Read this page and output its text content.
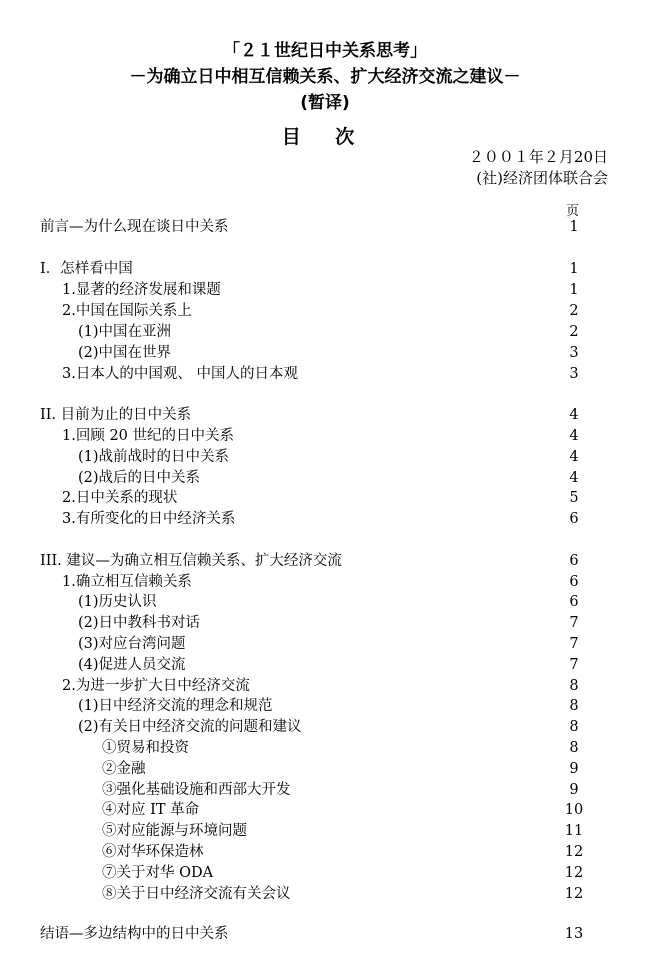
「２１世纪日中关系思考」
－为确立日中相互信赖关系、扩大经济交流之建议－
(暂译)
目 次
２００１年２月20日
(社)经济团体联合会
页
前言—为什么现在谈日中关系	1
Ⅰ．怎样看中国	1
1.显著的经济发展和课题	1
2.中国在国际关系上	2
(1)中国在亚洲	2
(2)中国在世界	3
3.日本人的中国观、 中国人的日本观	3
II. 目前为止的日中关系	4
1.回顾 20 世纪的日中关系	4
(1)战前战时的日中关系	4
(2)战后的日中关系	4
2.日中关系的现状	5
3.有所变化的日中经济关系	6
III. 建议—为确立相互信赖关系、扩大经济交流	6
1.确立相互信赖关系	6
(1)历史认识	6
(2)日中教科书对话	7
(3)对应台湾问题	7
(4)促进人员交流	7
2.为进一步扩大日中经济交流	8
(1)日中经济交流的理念和规范	8
(2)有关日中经济交流的问题和建议	8
①贸易和投资	8
②金融	9
③强化基础设施和西部大开发	9
④对应 IT 革命	10
⑤对应能源与环境问题	11
⑥对华环保造林	12
⑦关于对华 ODA	12
⑧关于日中经济交流有关会议	12
结语—多边结构中的日中关系	13
